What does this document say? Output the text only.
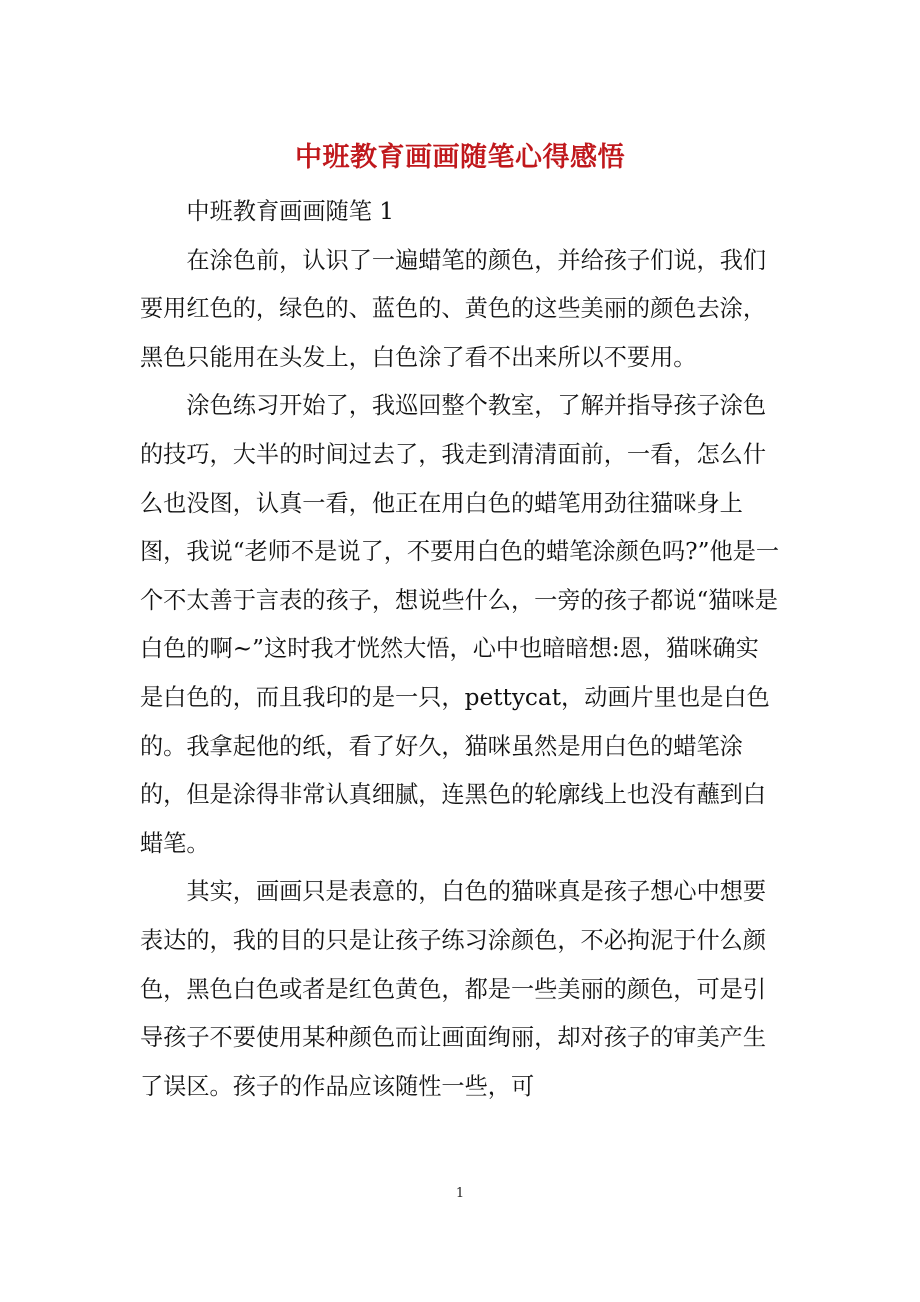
中班教育画画随笔心得感悟

中班教育画画随笔 1

在涂色前，认识了一遍蜡笔的颜色，并给孩子们说，我们要用红色的，绿色的、蓝色的、黄色的这些美丽的颜色去涂，黑色只能用在头发上，白色涂了看不出来所以不要用。

涂色练习开始了，我巡回整个教室，了解并指导孩子涂色的技巧，大半的时间过去了，我走到清清面前，一看，怎么什么也没图，认真一看，他正在用白色的蜡笔用劲往猫咪身上图，我说“老师不是说了，不要用白色的蜡笔涂颜色吗?”他是一个不太善于言表的孩子，想说些什么，一旁的孩子都说“猫咪是白色的啊~”这时我才恍然大悟，心中也暗暗想:恩，猫咪确实是白色的，而且我印的是一只，pettycat，动画片里也是白色的。我拿起他的纸，看了好久，猫咪虽然是用白色的蜡笔涂的，但是涂得非常认真细腻，连黑色的轮廓线上也没有蘸到白蜡笔。

其实，画画只是表意的，白色的猫咪真是孩子想心中想要表达的，我的目的只是让孩子练习涂颜色，不必拘泥于什么颜色，黑色白色或者是红色黄色，都是一些美丽的颜色，可是引导孩子不要使用某种颜色而让画面绚丽，却对孩子的审美产生了误区。孩子的作品应该随性一些，可

1
